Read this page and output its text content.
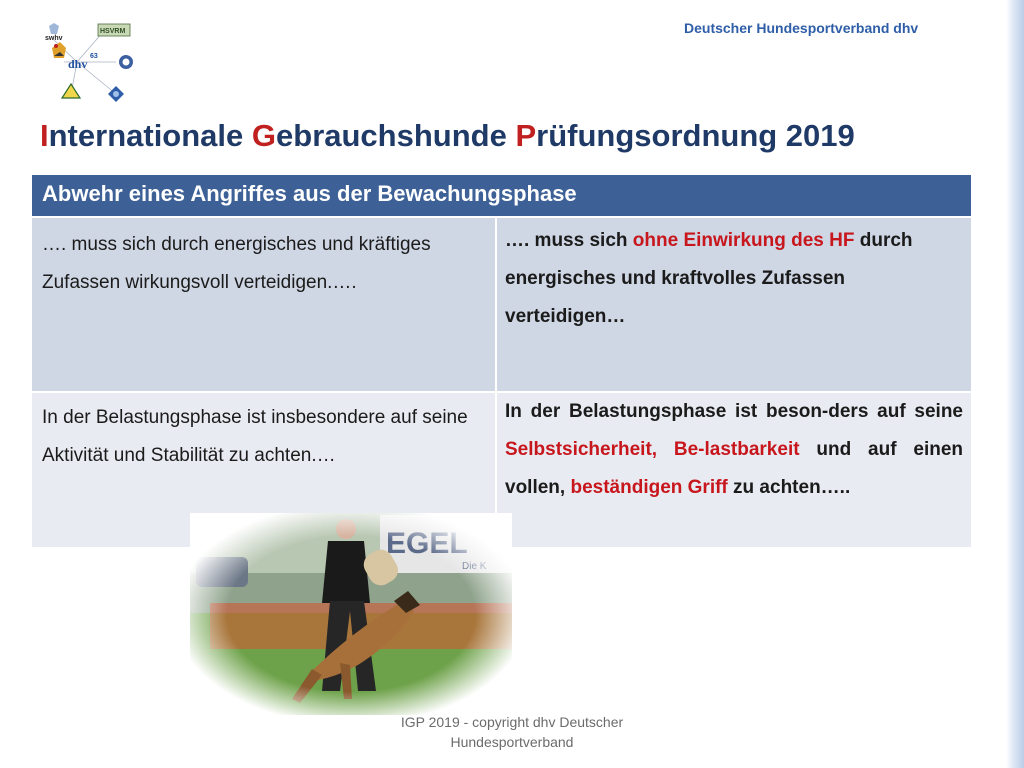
Deutscher Hundesportverband dhv
swhv
HSVRM
dhv
63
Internationale Gebrauchshunde Prüfungsordnung 2019
Abwehr eines Angriffes aus der Bewachungsphase
…. muss sich durch energisches und kräftiges Zufassen wirkungsvoll verteidigen.….
…. muss sich ohne Einwirkung des HF durch energisches und kraftvolles Zufassen verteidigen…
In der Belastungsphase ist insbesondere auf seine Aktivität und Stabilität zu achten.…
In der Belastungsphase ist beson-ders auf seine Selbstsicherheit, Be-lastbarkeit und auf einen vollen, beständigen Griff zu achten…..
IGP 2019 - copyright dhv Deutscher
Hundesportverband
